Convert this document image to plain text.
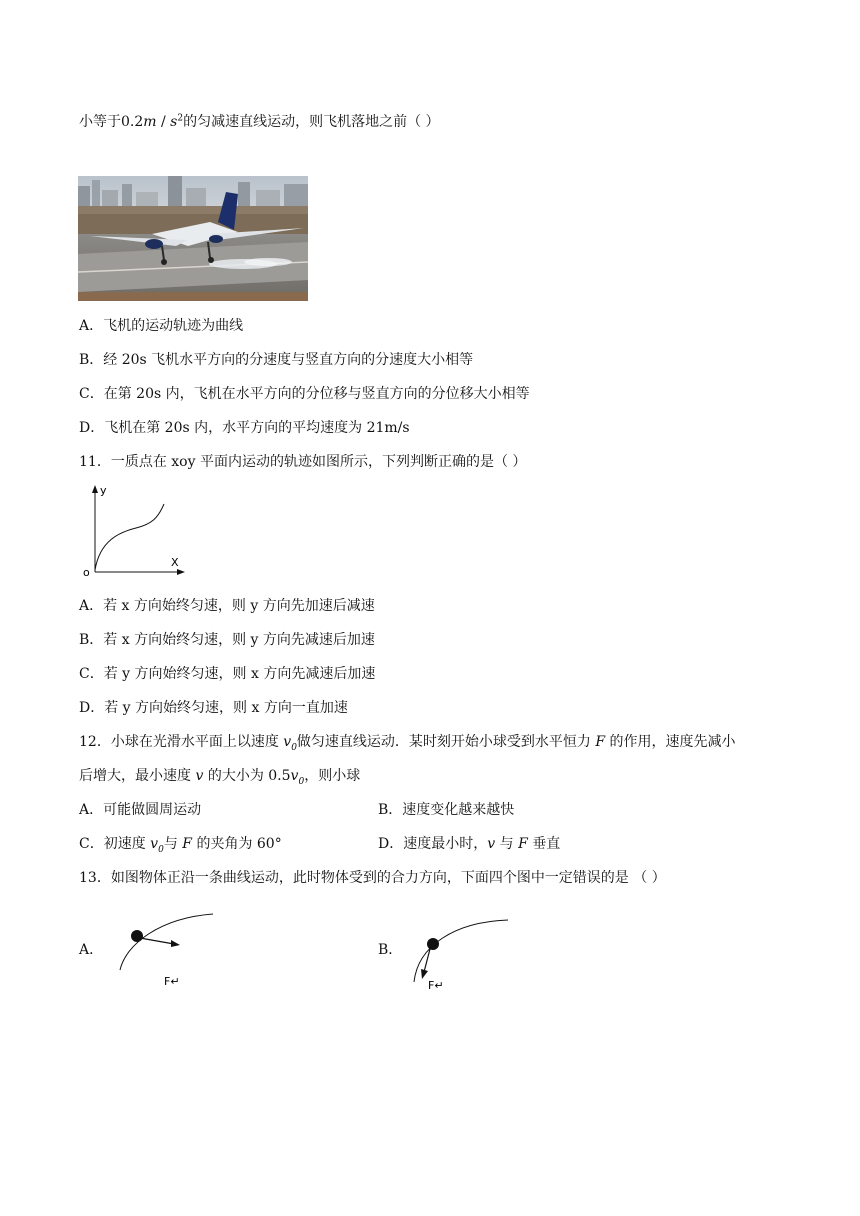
小等于$0.2m / s^2$的匀减速直线运动，则飞机落地之前（ ）
A．飞机的运动轨迹为曲线
B．经 20s 飞机水平方向的分速度与竖直方向的分速度大小相等
C．在第 20s 内，飞机在水平方向的分位移与竖直方向的分位移大小相等
D．飞机在第 20s 内，水平方向的平均速度为 21m/s
11．一质点在 xoy 平面内运动的轨迹如图所示，下列判断正确的是（ ）
y
X
o
A．若 x 方向始终匀速，则 y 方向先加速后减速
B．若 x 方向始终匀速，则 y 方向先减速后加速
C．若 y 方向始终匀速，则 x 方向先减速后加速
D．若 y 方向始终匀速，则 x 方向一直加速
12．小球在光滑水平面上以速度 $v_0$做匀速直线运动．某时刻开始小球受到水平恒力 F 的作用，速度先减小
后增大，最小速度 v 的大小为 $0.5v_0$，则小球
A．可能做圆周运动	B．速度变化越来越快
C．初速度 $v_0$与 F 的夹角为 60°	D．速度最小时，v 与 F 垂直
13．如图物体正沿一条曲线运动，此时物体受到的合力方向，下面四个图中一定错误的是 （ ）
A．
F↵
B．
F↵
